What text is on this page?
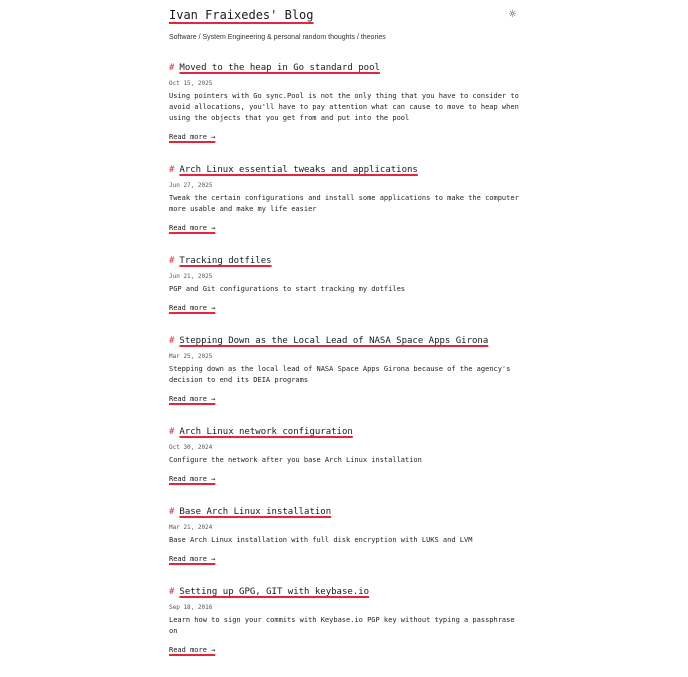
Ivan Fraixedes' Blog	☼

Software / System Engineering & personal random thoughts / theories

# Moved to the heap in Go standard pool
Oct 15, 2025
Using pointers with Go sync.Pool is not the only thing that you have to consider to
avoid allocations, you'll have to pay attention what can cause to move to heap when
using the objects that you get from and put into the pool
Read more →
# Arch Linux essential tweaks and applications
Jun 27, 2025
Tweak the certain configurations and install some applications to make the computer
more usable and make my life easier
Read more →
# Tracking dotfiles
Jun 21, 2025
PGP and Git configurations to start tracking my dotfiles
Read more →
# Stepping Down as the Local Lead of NASA Space Apps Girona
Mar 25, 2025
Stepping down as the local lead of NASA Space Apps Girona because of the agency's
decision to end its DEIA programs
Read more →
# Arch Linux network configuration
Oct 30, 2024
Configure the network after you base Arch Linux installation
Read more →
# Base Arch Linux installation
Mar 21, 2024
Base Arch Linux installation with full disk encryption with LUKS and LVM
Read more →
# Setting up GPG, GIT with keybase.io
Sep 18, 2016
Learn how to sign your commits with Keybase.io PGP key without typing a passphrase on
Read more →
